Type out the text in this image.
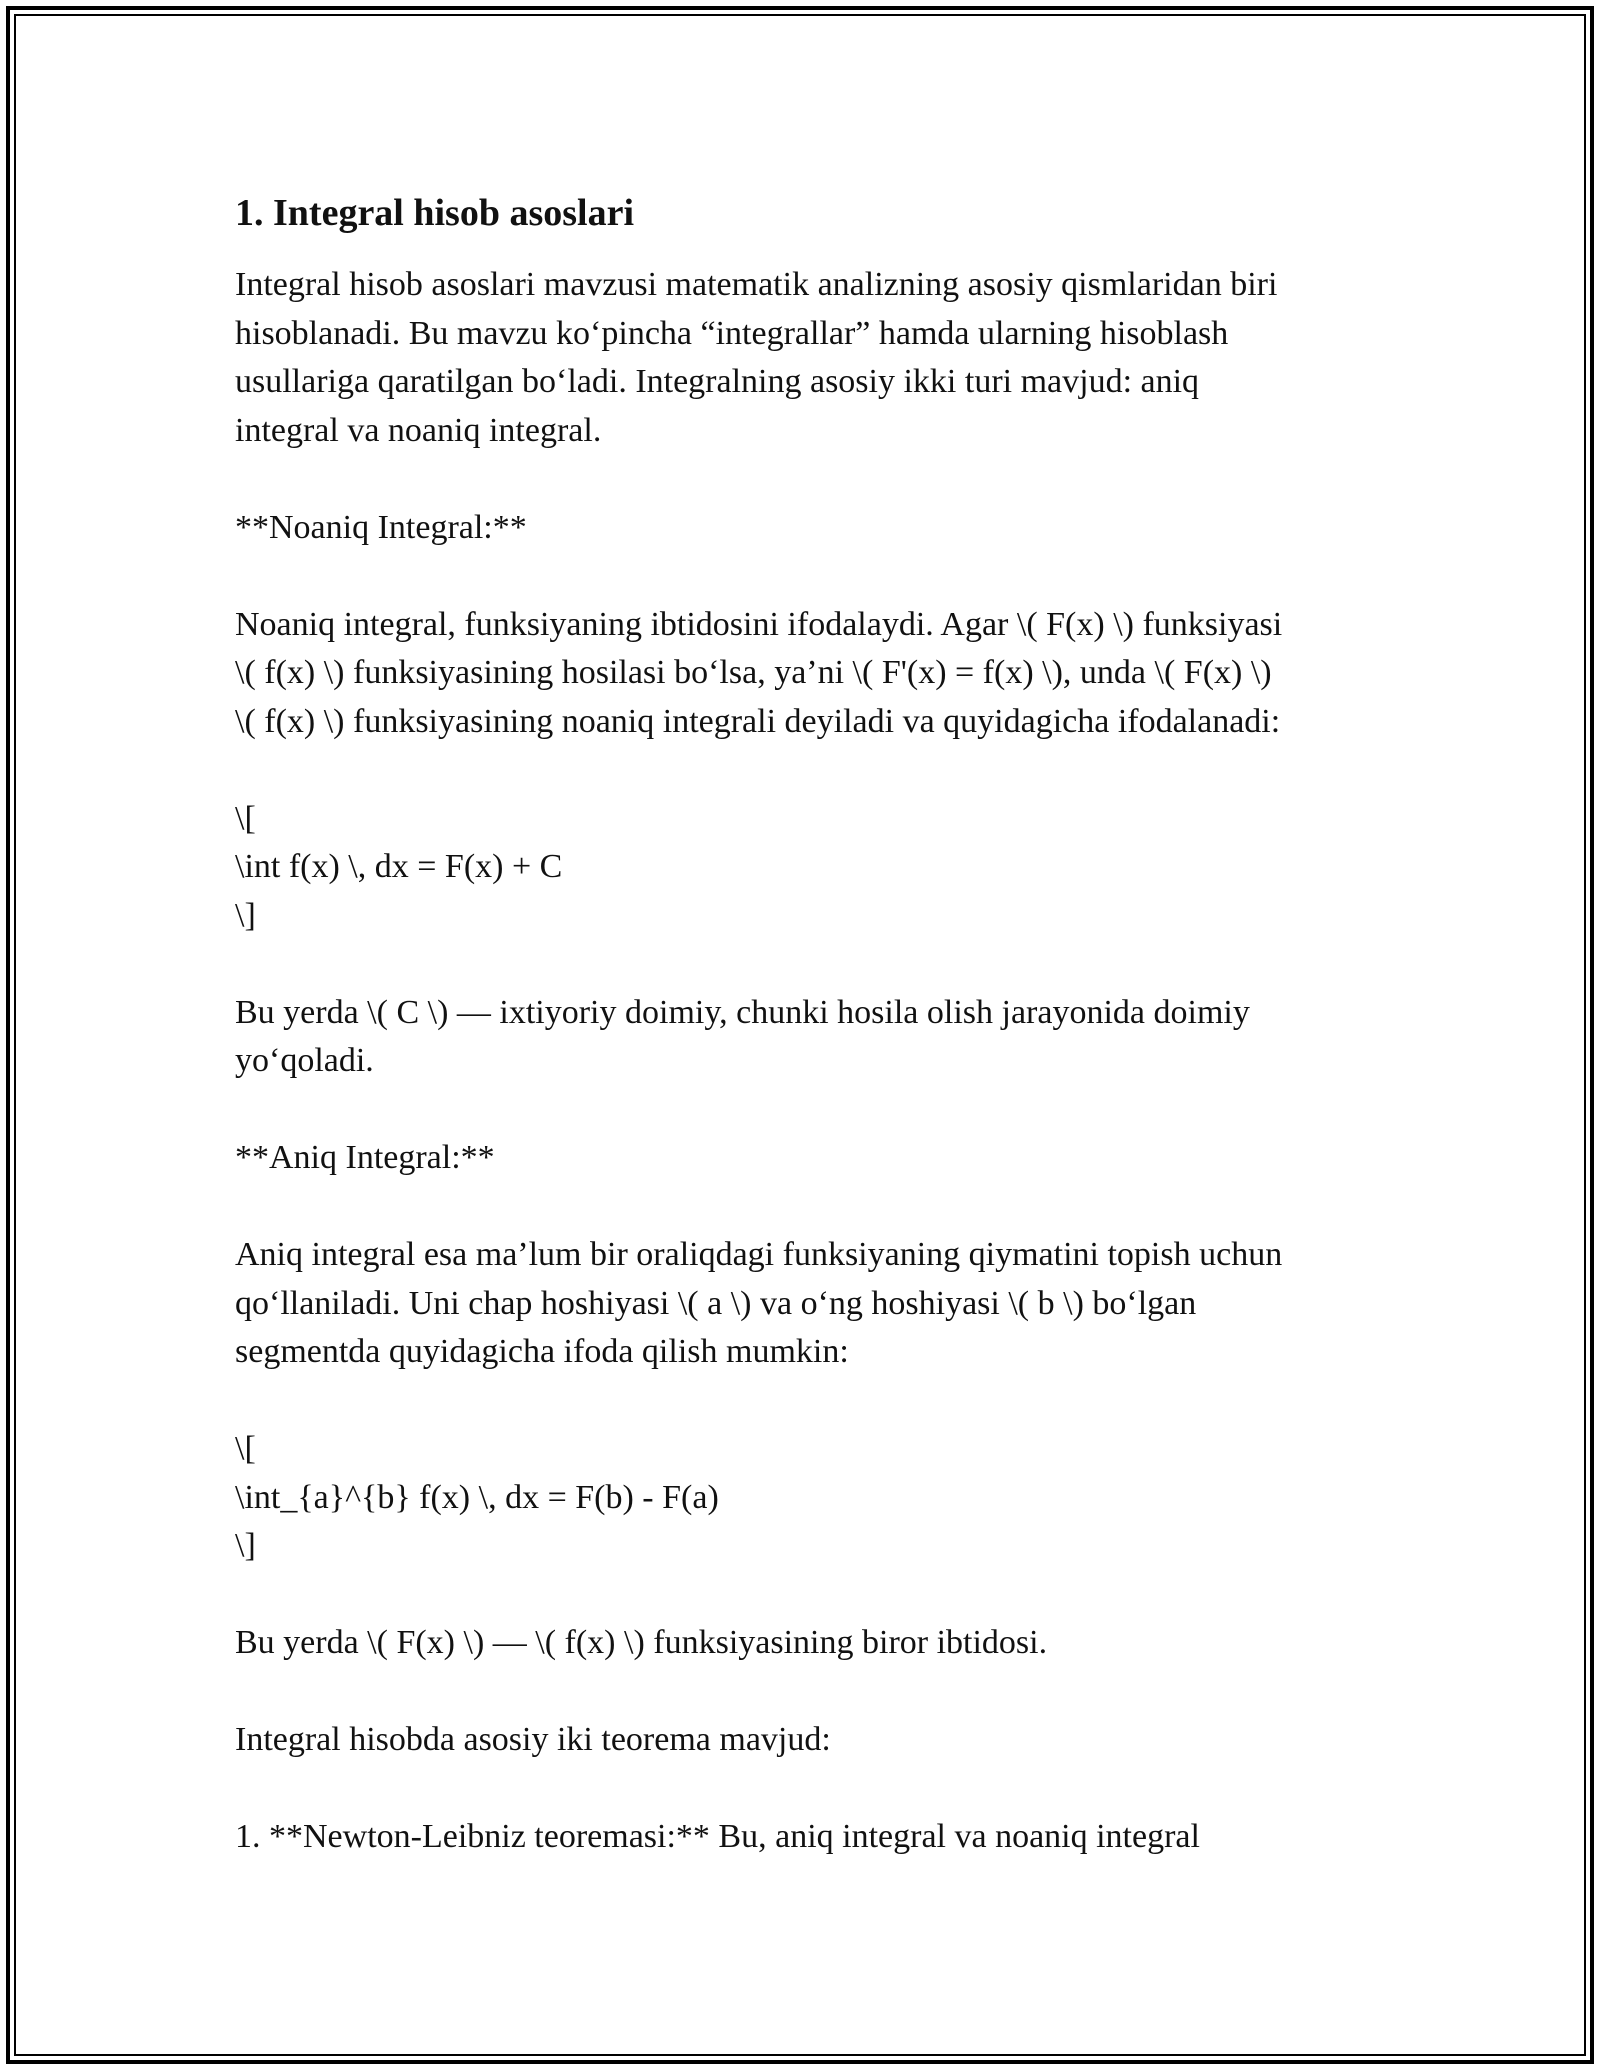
1. Integral hisob asoslari

Integral hisob asoslari mavzusi matematik analizning asosiy qismlaridan biri
hisoblanadi. Bu mavzu ko‘pincha “integrallar” hamda ularning hisoblash
usullariga qaratilgan bo‘ladi. Integralning asosiy ikki turi mavjud: aniq
integral va noaniq integral.

**Noaniq Integral:**

Noaniq integral, funksiyaning ibtidosini ifodalaydi. Agar \( F(x) \) funksiyasi
\( f(x) \) funksiyasining hosilasi bo‘lsa, ya’ni \( F'(x) = f(x) \), unda \( F(x) \)
\( f(x) \) funksiyasining noaniq integrali deyiladi va quyidagicha ifodalanadi:

\[
\int f(x) \, dx = F(x) + C
\]

Bu yerda \( C \) — ixtiyoriy doimiy, chunki hosila olish jarayonida doimiy
yo‘qoladi.

**Aniq Integral:**

Aniq integral esa ma’lum bir oraliqdagi funksiyaning qiymatini topish uchun
qo‘llaniladi. Uni chap hoshiyasi \( a \) va o‘ng hoshiyasi \( b \) bo‘lgan
segmentda quyidagicha ifoda qilish mumkin:

\[
\int_{a}^{b} f(x) \, dx = F(b) - F(a)
\]

Bu yerda \( F(x) \) — \( f(x) \) funksiyasining biror ibtidosi.

Integral hisobda asosiy iki teorema mavjud:

1. **Newton-Leibniz teoremasi:** Bu, aniq integral va noaniq integral
